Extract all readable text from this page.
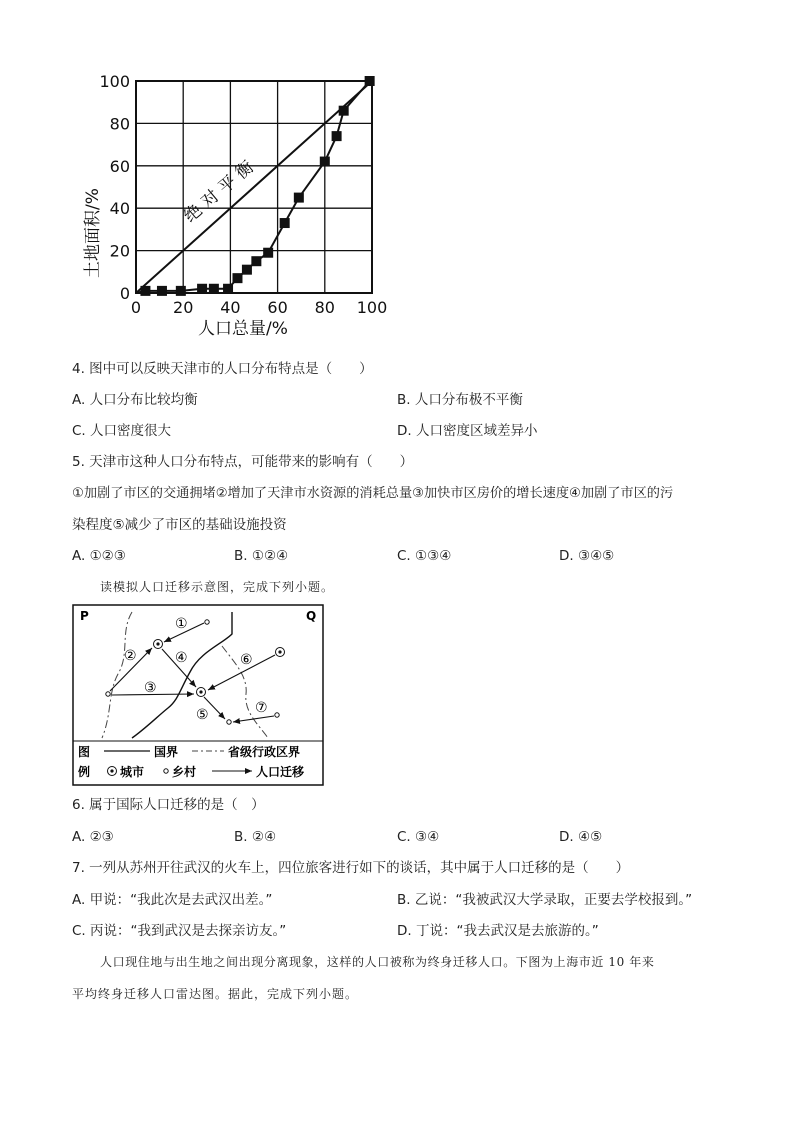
0 20 40 60 80 100
0
20
40
60
80
100
绝 对 平 衡
土地面积/%
人口总量/%
4. 图中可以反映天津市的人口分布特点是（　　）
A. 人口分布比较均衡	B. 人口分布极不平衡
C. 人口密度很大	D. 人口密度区域差异小
5. 天津市这种人口分布特点，可能带来的影响有（　　）
①加剧了市区的交通拥堵②增加了天津市水资源的消耗总量③加快市区房价的增长速度④加剧了市区的污
染程度⑤减少了市区的基础设施投资
A. ①②③	B. ①②④	C. ①③④	D. ③④⑤
读模拟人口迁移示意图，完成下列小题。
P	Q
①
②
③
④
⑤
⑥
⑦
图
例
国界	省级行政区界
城市 乡村	人口迁移
6. 属于国际人口迁移的是（　）
A. ②③	B. ②④	C. ③④	D. ④⑤
7. 一列从苏州开往武汉的火车上，四位旅客进行如下的谈话，其中属于人口迁移的是（　　）
A. 甲说：“我此次是去武汉出差。”	B. 乙说：“我被武汉大学录取，正要去学校报到。”
C. 丙说：“我到武汉是去探亲访友。”	D. 丁说：“我去武汉是去旅游的。”
人口现住地与出生地之间出现分离现象，这样的人口被称为终身迁移人口。下图为上海市近 10 年来
平均终身迁移人口雷达图。据此，完成下列小题。
